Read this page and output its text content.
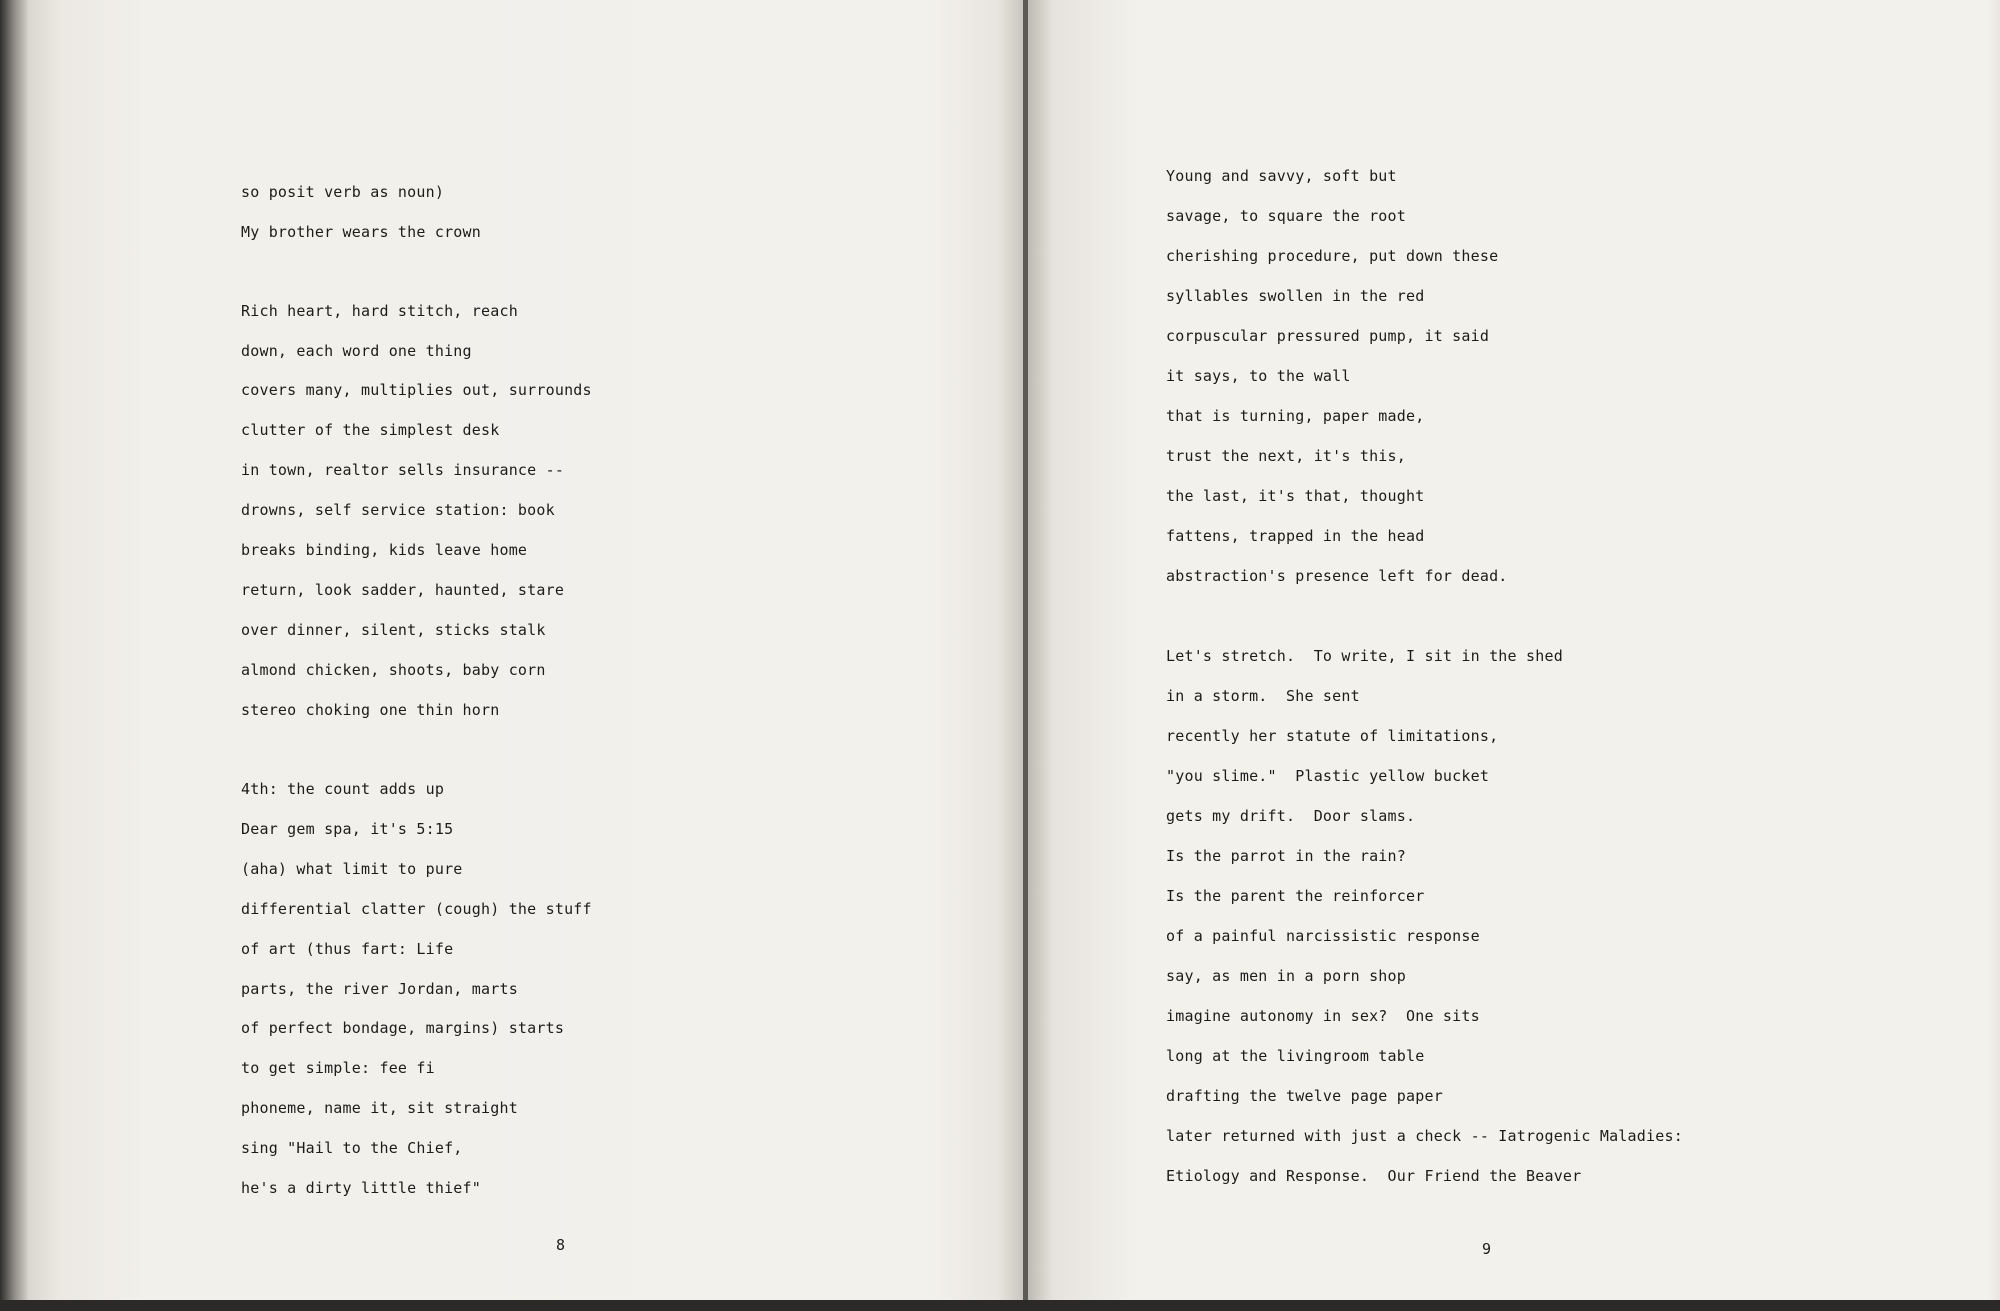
so posit verb as noun)
My brother wears the crown
Rich heart, hard stitch, reach
down, each word one thing
covers many, multiplies out, surrounds
clutter of the simplest desk
in town, realtor sells insurance --
drowns, self service station: book
breaks binding, kids leave home
return, look sadder, haunted, stare
over dinner, silent, sticks stalk
almond chicken, shoots, baby corn
stereo choking one thin horn
4th: the count adds up
Dear gem spa, it's 5:15
(aha) what limit to pure
differential clatter (cough) the stuff
of art (thus fart: Life
parts, the river Jordan, marts
of perfect bondage, margins) starts
to get simple: fee fi
phoneme, name it, sit straight
sing "Hail to the Chief,
he's a dirty little thief"
8
Young and savvy, soft but
savage, to square the root
cherishing procedure, put down these
syllables swollen in the red
corpuscular pressured pump, it said
it says, to the wall
that is turning, paper made,
trust the next, it's this,
the last, it's that, thought
fattens, trapped in the head
abstraction's presence left for dead.
Let's stretch.  To write, I sit in the shed
in a storm.  She sent
recently her statute of limitations,
"you slime."  Plastic yellow bucket
gets my drift.  Door slams.
Is the parrot in the rain?
Is the parent the reinforcer
of a painful narcissistic response
say, as men in a porn shop
imagine autonomy in sex?  One sits
long at the livingroom table
drafting the twelve page paper
later returned with just a check -- Iatrogenic Maladies:
Etiology and Response.  Our Friend the Beaver
9
